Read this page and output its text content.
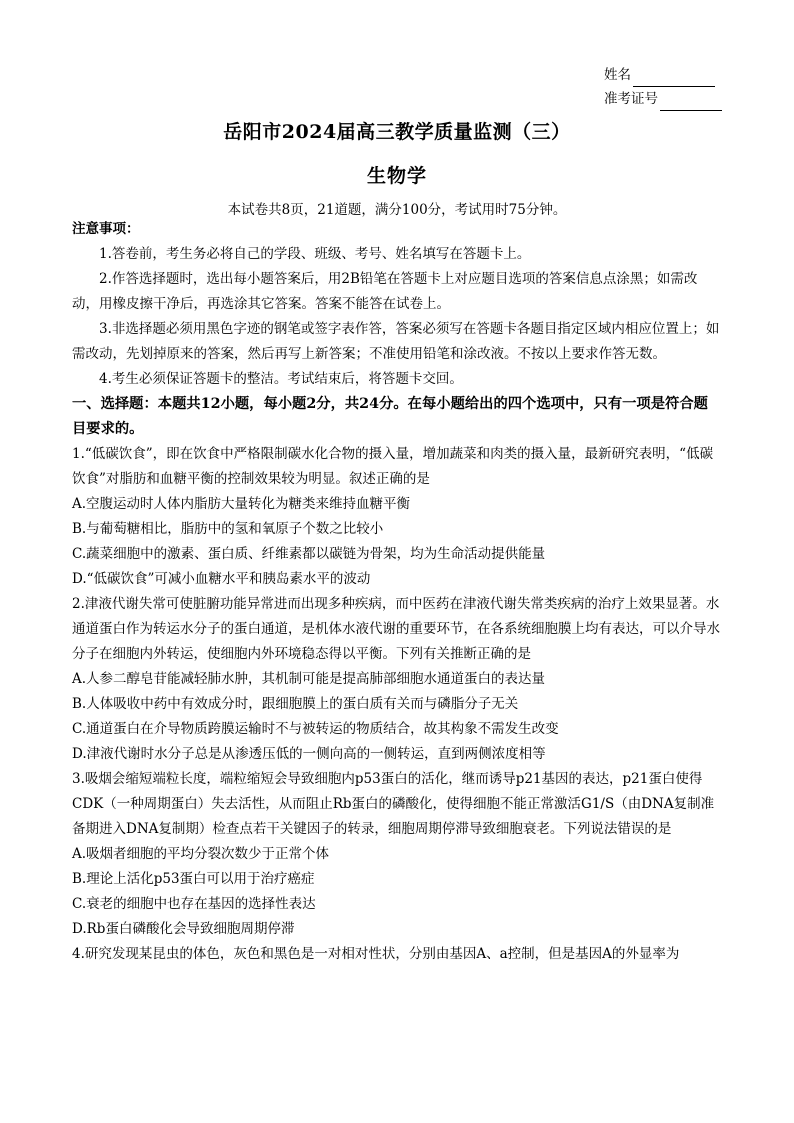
姓名
准考证号
岳阳市2024届高三教学质量监测（三）
生物学
本试卷共8页，21道题，满分100分，考试用时75分钟。

注意事项：

1.答卷前，考生务必将自己的学段、班级、考号、姓名填写在答题卡上。

2.作答选择题时，选出每小题答案后，用2B铅笔在答题卡上对应题目选项的答案信息点涂黑；如需改动，用橡皮擦干净后，再选涂其它答案。答案不能答在试卷上。

3.非选择题必须用黑色字迹的钢笔或签字表作答，答案必须写在答题卡各题目指定区域内相应位置上；如需改动，先划掉原来的答案，然后再写上新答案；不准使用铅笔和涂改液。不按以上要求作答无数。

4.考生必须保证答题卡的整洁。考试结束后，将答题卡交回。

一、选择题：本题共12小题，每小题2分，共24分。在每小题给出的四个选项中，只有一项是符合题目要求的。

1.“低碳饮食”，即在饮食中严格限制碳水化合物的摄入量，增加蔬菜和肉类的摄入量，最新研究表明，“低碳饮食”对脂肪和血糖平衡的控制效果较为明显。叙述正确的是

A.空腹运动时人体内脂肪大量转化为糖类来维持血糖平衡

B.与葡萄糖相比，脂肪中的氢和氧原子个数之比较小

C.蔬菜细胞中的激素、蛋白质、纤维素都以碳链为骨架，均为生命活动提供能量

D.“低碳饮食”可减小血糖水平和胰岛素水平的波动

2.津液代谢失常可使脏腑功能异常进而出现多种疾病，而中医药在津液代谢失常类疾病的治疗上效果显著。水通道蛋白作为转运水分子的蛋白通道，是机体水液代谢的重要环节，在各系统细胞膜上均有表达，可以介导水分子在细胞内外转运，使细胞内外环境稳态得以平衡。下列有关推断正确的是

A.人参二醇皂苷能减轻肺水肿，其机制可能是提高肺部细胞水通道蛋白的表达量

B.人体吸收中药中有效成分时，跟细胞膜上的蛋白质有关而与磷脂分子无关

C.通道蛋白在介导物质跨膜运输时不与被转运的物质结合，故其构象不需发生改变

D.津液代谢时水分子总是从渗透压低的一侧向高的一侧转运，直到两侧浓度相等

3.吸烟会缩短端粒长度，端粒缩短会导致细胞内p53蛋白的活化，继而诱导p21基因的表达，p21蛋白使得CDK（一种周期蛋白）失去活性，从而阻止Rb蛋白的磷酸化，使得细胞不能正常激活G1/S（由DNA复制准备期进入DNA复制期）检查点若干关键因子的转录，细胞周期停滞导致细胞衰老。下列说法错误的是

A.吸烟者细胞的平均分裂次数少于正常个体

B.理论上活化p53蛋白可以用于治疗癌症

C.衰老的细胞中也存在基因的选择性表达

D.Rb蛋白磷酸化会导致细胞周期停滞

4.研究发现某昆虫的体色，灰色和黑色是一对相对性状，分别由基因A、a控制，但是基因A的外显率为
